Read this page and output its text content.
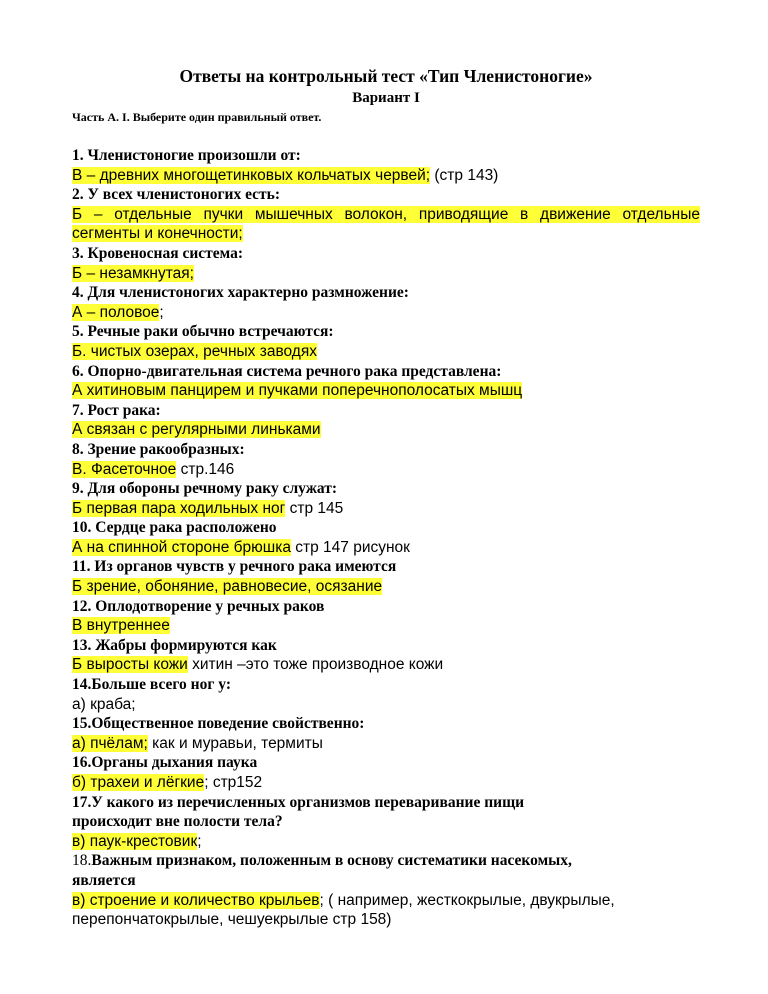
Ответы на контрольный тест «Тип Членистоногие»
Вариант I
Часть А. I. Выберите один правильный ответ.
1. Членистоногие произошли от:
В – древних многощетинковых кольчатых червей; (стр 143)
2. У всех членистоногих есть:
Б – отдельные пучки мышечных волокон, приводящие в движение отдельные
сегменты и конечности;
3. Кровеносная система:
Б – незамкнутая;
4. Для членистоногих характерно размножение:
А – половое;
5. Речные раки обычно встречаются:
Б. чистых озерах, речных заводях
6. Опорно-двигательная система речного рака представлена:
А хитиновым панцирем и пучками поперечнополосатых мышц
7. Рост рака:
А связан с регулярными линьками
8. Зрение ракообразных:
В. Фасеточное стр.146
9. Для обороны речному раку служат:
Б первая пара ходильных ног стр 145
10. Сердце рака расположено
А на спинной стороне брюшка стр 147 рисунок
11. Из органов чувств у речного рака имеются
Б зрение, обоняние, равновесие, осязание
12. Оплодотворение у речных раков
В внутреннее
13. Жабры формируются как
Б выросты кожи хитин –это тоже производное кожи
14.Больше всего ног у:
а) краба;
15.Общественное поведение свойственно:
а) пчёлам; как и муравьи, термиты
16.Органы дыхания паука
б) трахеи и лёгкие; стр152
17.У какого из перечисленных организмов переваривание пищи
происходит вне полости тела?
в) паук-крестовик;
18.Важным признаком, положенным в основу систематики насекомых,
является
в) строение и количество крыльев; ( например, жесткокрылые, двукрылые,
перепончатокрылые, чешуекрылые стр 158)
